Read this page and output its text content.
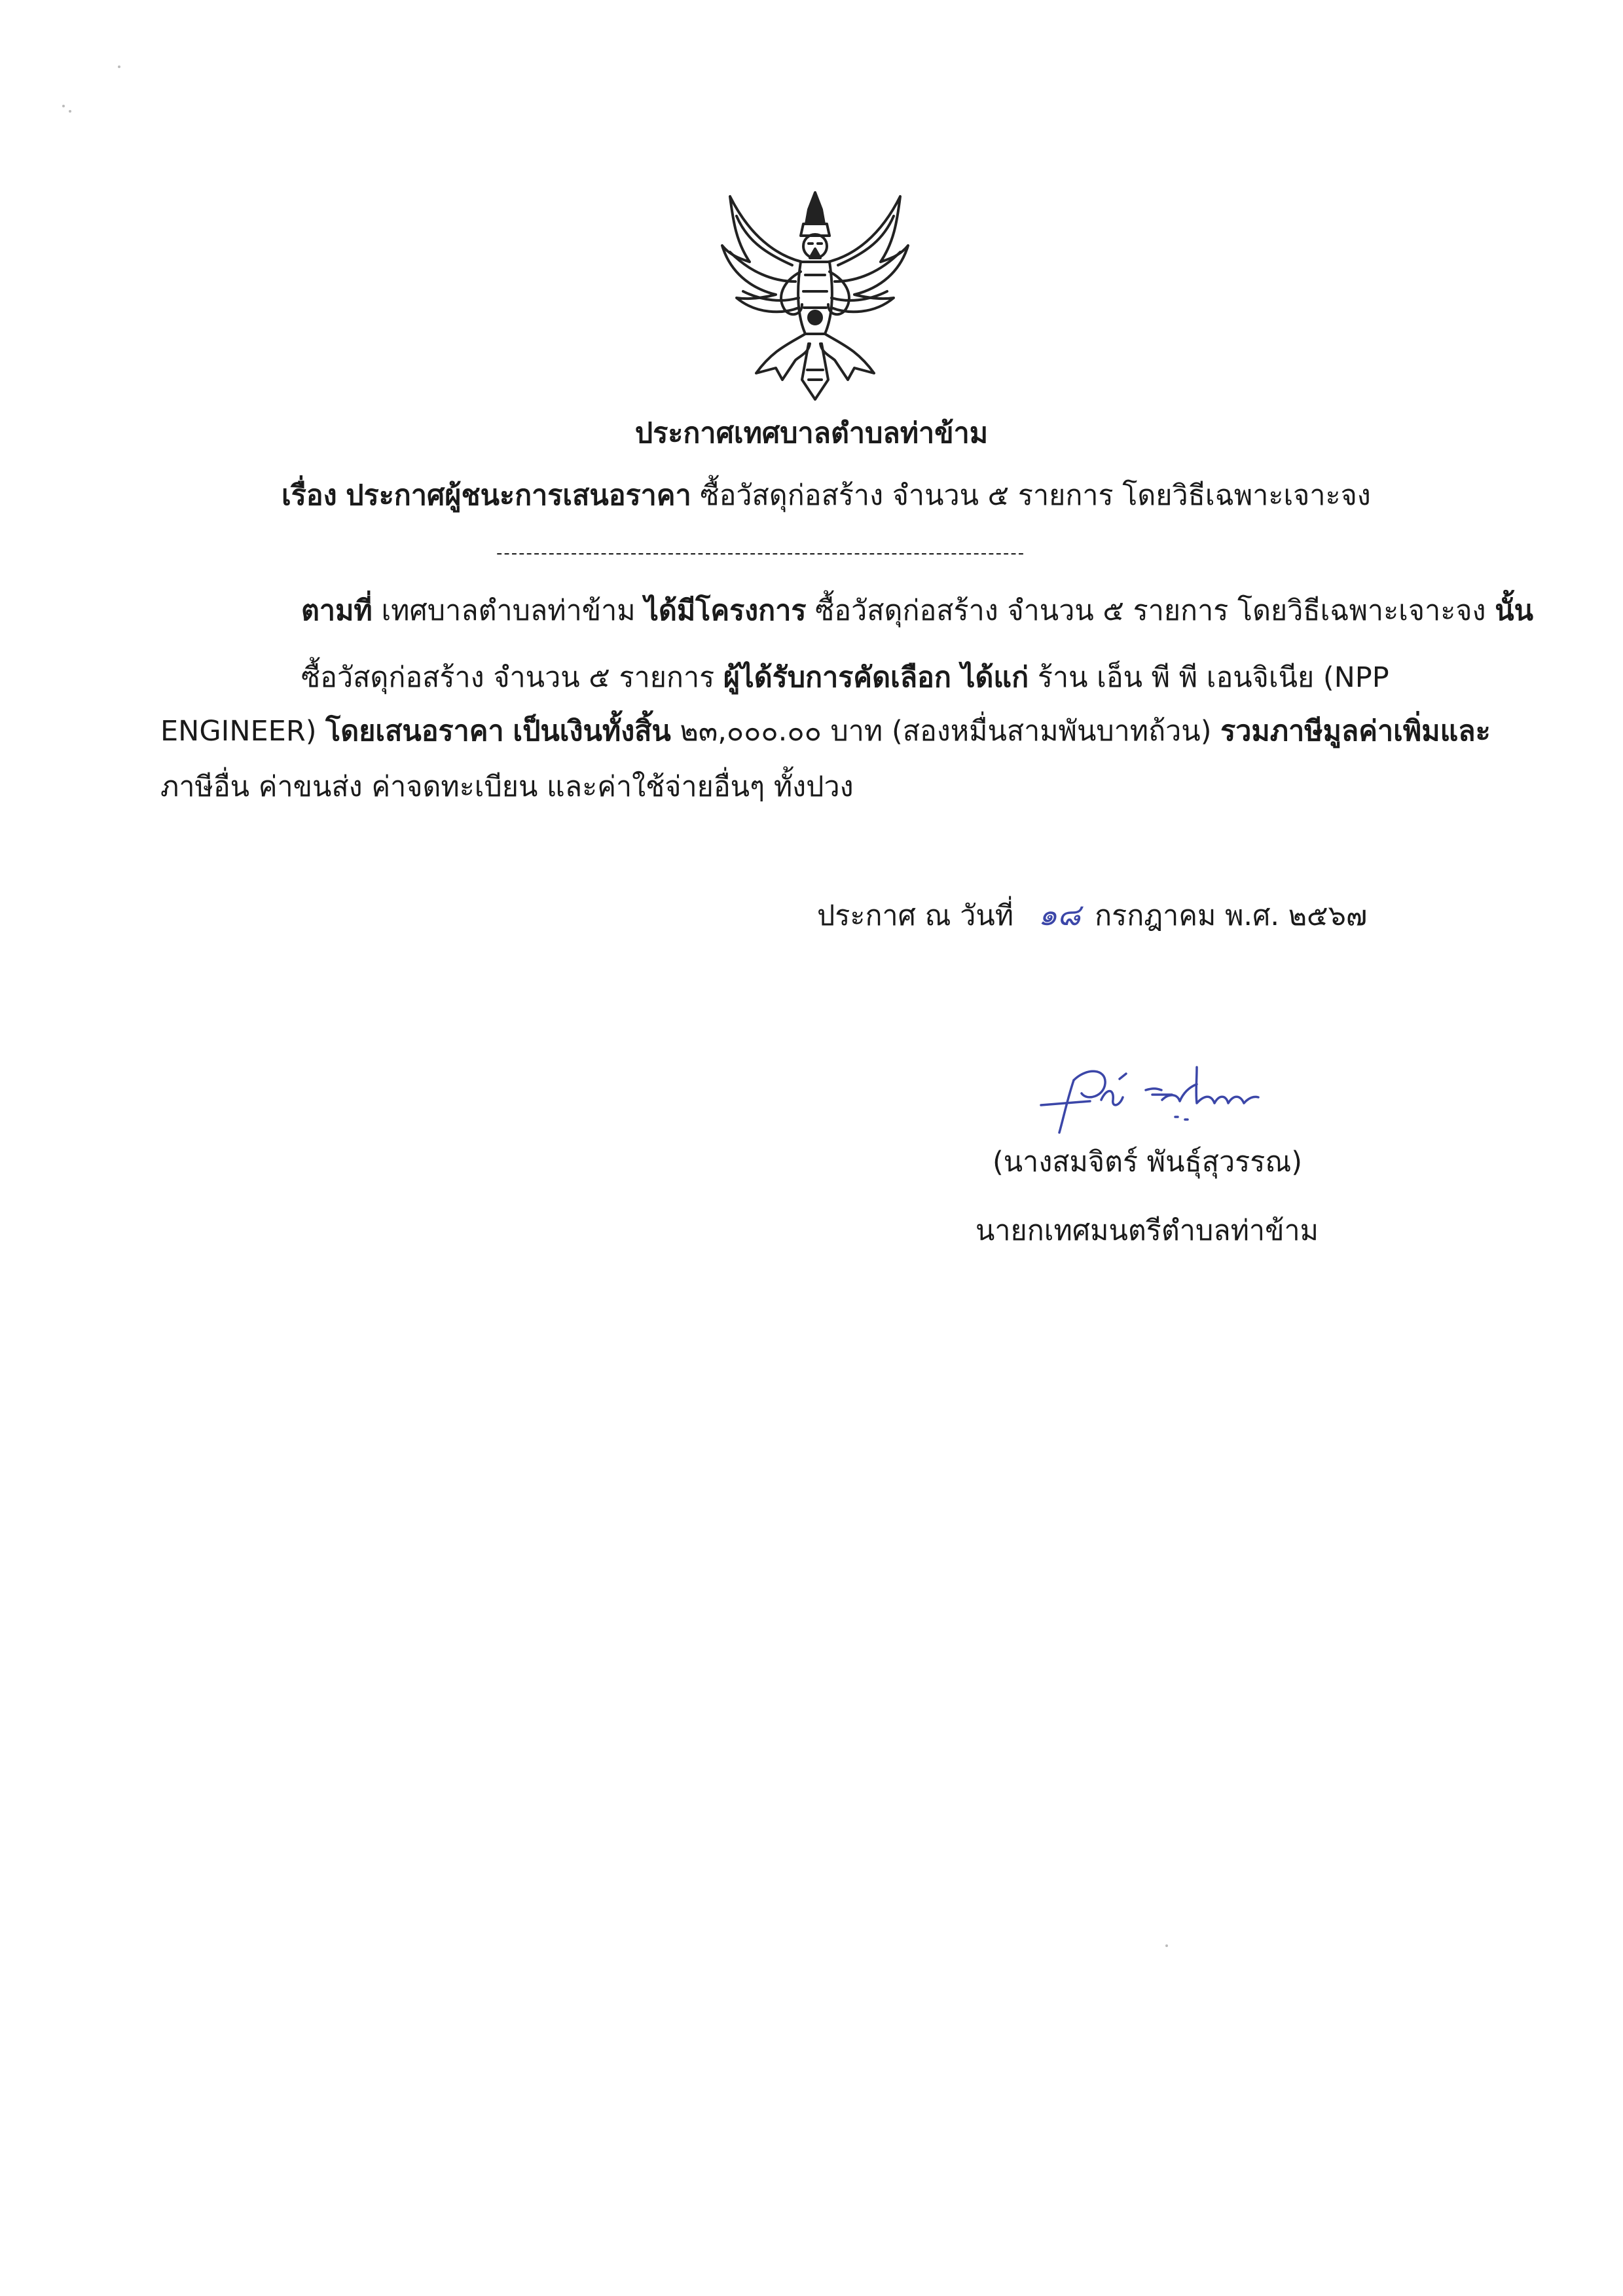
ประกาศเทศบาลตำบลท่าข้าม
เรื่อง ประกาศผู้ชนะการเสนอราคา ซื้อวัสดุก่อสร้าง จำนวน ๕ รายการ โดยวิธีเฉพาะเจาะจง
-----------------------------------------------------------------------
ตามที่ เทศบาลตำบลท่าข้าม ได้มีโครงการ ซื้อวัสดุก่อสร้าง จำนวน ๕ รายการ โดยวิธีเฉพาะเจาะจง นั้น
ซื้อวัสดุก่อสร้าง จำนวน ๕ รายการ ผู้ได้รับการคัดเลือก ได้แก่ ร้าน เอ็น พี พี เอนจิเนีย (NPP
ENGINEER) โดยเสนอราคา เป็นเงินทั้งสิ้น ๒๓,๐๐๐.๐๐ บาท (สองหมื่นสามพันบาทถ้วน) รวมภาษีมูลค่าเพิ่มและ
ภาษีอื่น ค่าขนส่ง ค่าจดทะเบียน และค่าใช้จ่ายอื่นๆ ทั้งปวง
ประกาศ ณ วันที่ ๑๘ กรกฎาคม พ.ศ. ๒๕๖๗
(นางสมจิตร์ พันธุ์สุวรรณ)
นายกเทศมนตรีตำบลท่าข้าม
